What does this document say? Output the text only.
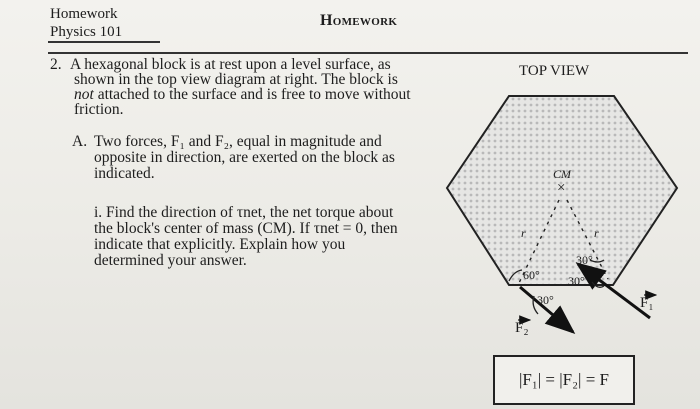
Homework
Physics 101
Homework
2. A hexagonal block is at rest upon a level surface, as
shown in the top view diagram at right. The block is
not attached to the surface and is free to move without
friction.
A. Two forces, F₁ and F₂, equal in magnitude and
opposite in direction, are exerted on the block as
indicated.
i. Find the direction of τnet, the net torque about
the block's center of mass (CM). If τnet = 0, then
indicate that explicitly. Explain how you
determined your answer.
TOP VIEW
CM
×
r	r
60°
30°
30°
30°
F₁
F₂
|F₁| = |F₂| = F
